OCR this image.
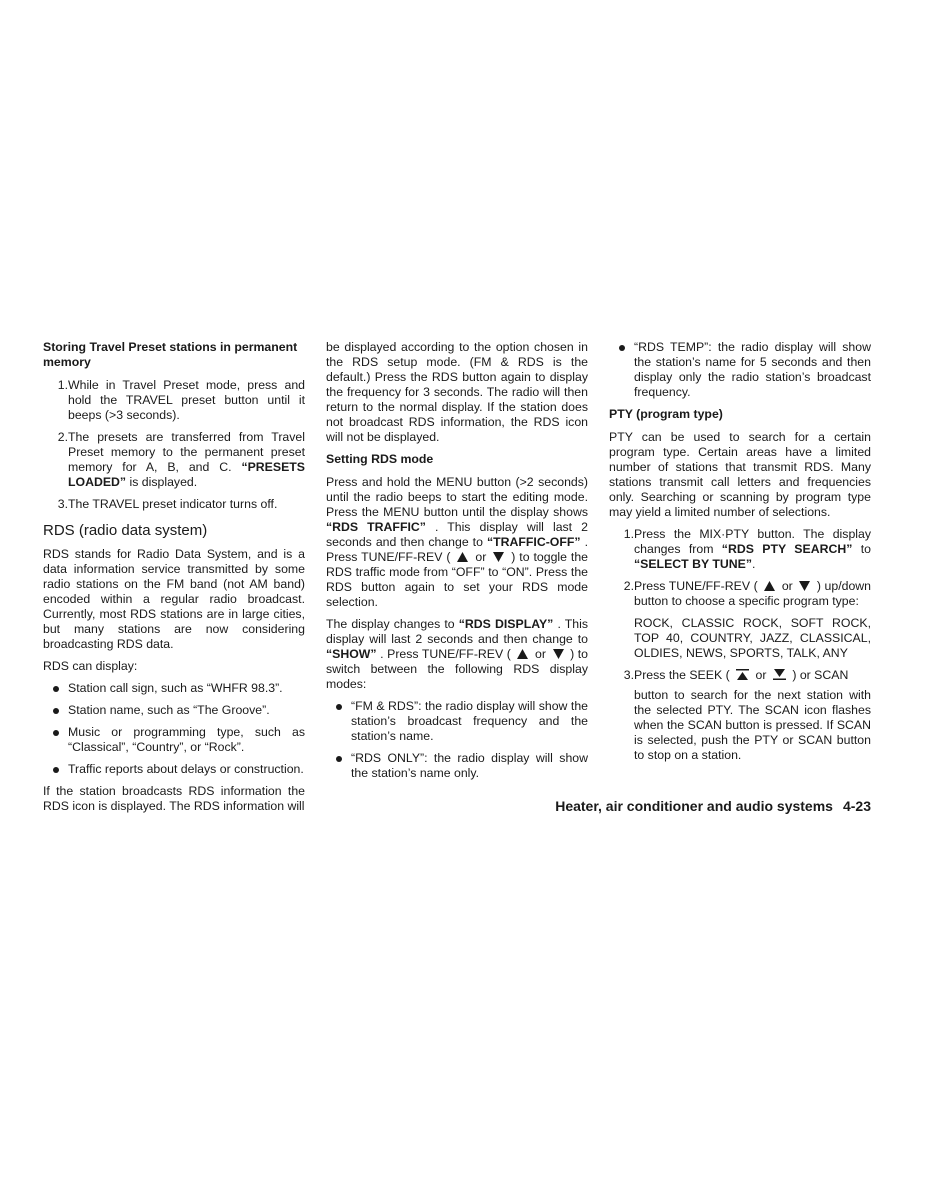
Storing Travel Preset stations in permanent memory
1. While in Travel Preset mode, press and hold the TRAVEL preset button until it beeps (>3 seconds).
2. The presets are transferred from Travel Preset memory to the permanent preset memory for A, B, and C. “PRESETS LOADED” is displayed.
3. The TRAVEL preset indicator turns off.
RDS (radio data system)

RDS stands for Radio Data System, and is a data information service transmitted by some radio stations on the FM band (not AM band) encoded within a regular radio broadcast. Currently, most RDS stations are in large cities, but many stations are now considering broadcasting RDS data.

RDS can display:

Station call sign, such as “WHFR 98.3”.
Station name, such as “The Groove”.
Music or programming type, such as “Classical”, “Country”, or “Rock”.
Traffic reports about delays or construction.

If the station broadcasts RDS information the RDS icon is displayed. The RDS information will

be displayed according to the option chosen in the RDS setup mode. (FM & RDS is the default.) Press the RDS button again to display the frequency for 3 seconds. The radio will then return to the normal display. If the station does not broadcast RDS information, the RDS icon will not be displayed.

Setting RDS mode

Press and hold the MENU button (>2 seconds) until the radio beeps to start the editing mode. Press the MENU button until the display shows “RDS TRAFFIC” . This display will last 2 seconds and then change to “TRAFFIC-OFF” . Press TUNE/FF-REV ( or ) to toggle the RDS traffic mode from “OFF” to “ON”. Press the RDS button again to set your RDS mode selection.

The display changes to “RDS DISPLAY” . This display will last 2 seconds and then change to “SHOW” . Press TUNE/FF-REV ( or ) to switch between the following RDS display modes:

“FM & RDS”: the radio display will show the station’s broadcast frequency and the station’s name.
“RDS ONLY”: the radio display will show the station’s name only.
“RDS TEMP”: the radio display will show the station’s name for 5 seconds and then display only the radio station’s broadcast frequency.
PTY (program type)

PTY can be used to search for a certain program type. Certain areas have a limited number of stations that transmit RDS. Many stations transmit call letters and frequencies only. Searching or scanning by program type may yield a limited number of selections.

1. Press the MIX·PTY button. The display changes from “RDS PTY SEARCH” to “SELECT BY TUNE”.
2. Press TUNE/FF-REV ( or ) up/down button to choose a specific program type:

ROCK, CLASSIC ROCK, SOFT ROCK, TOP 40, COUNTRY, JAZZ, CLASSICAL, OLDIES, NEWS, SPORTS, TALK, ANY

3. Press the SEEK ( or ) or SCAN

button to search for the next station with the selected PTY. The SCAN icon flashes when the SCAN button is pressed. If SCAN is selected, push the PTY or SCAN button to stop on a station.

Heater, air conditioner and audio systems 4-23
